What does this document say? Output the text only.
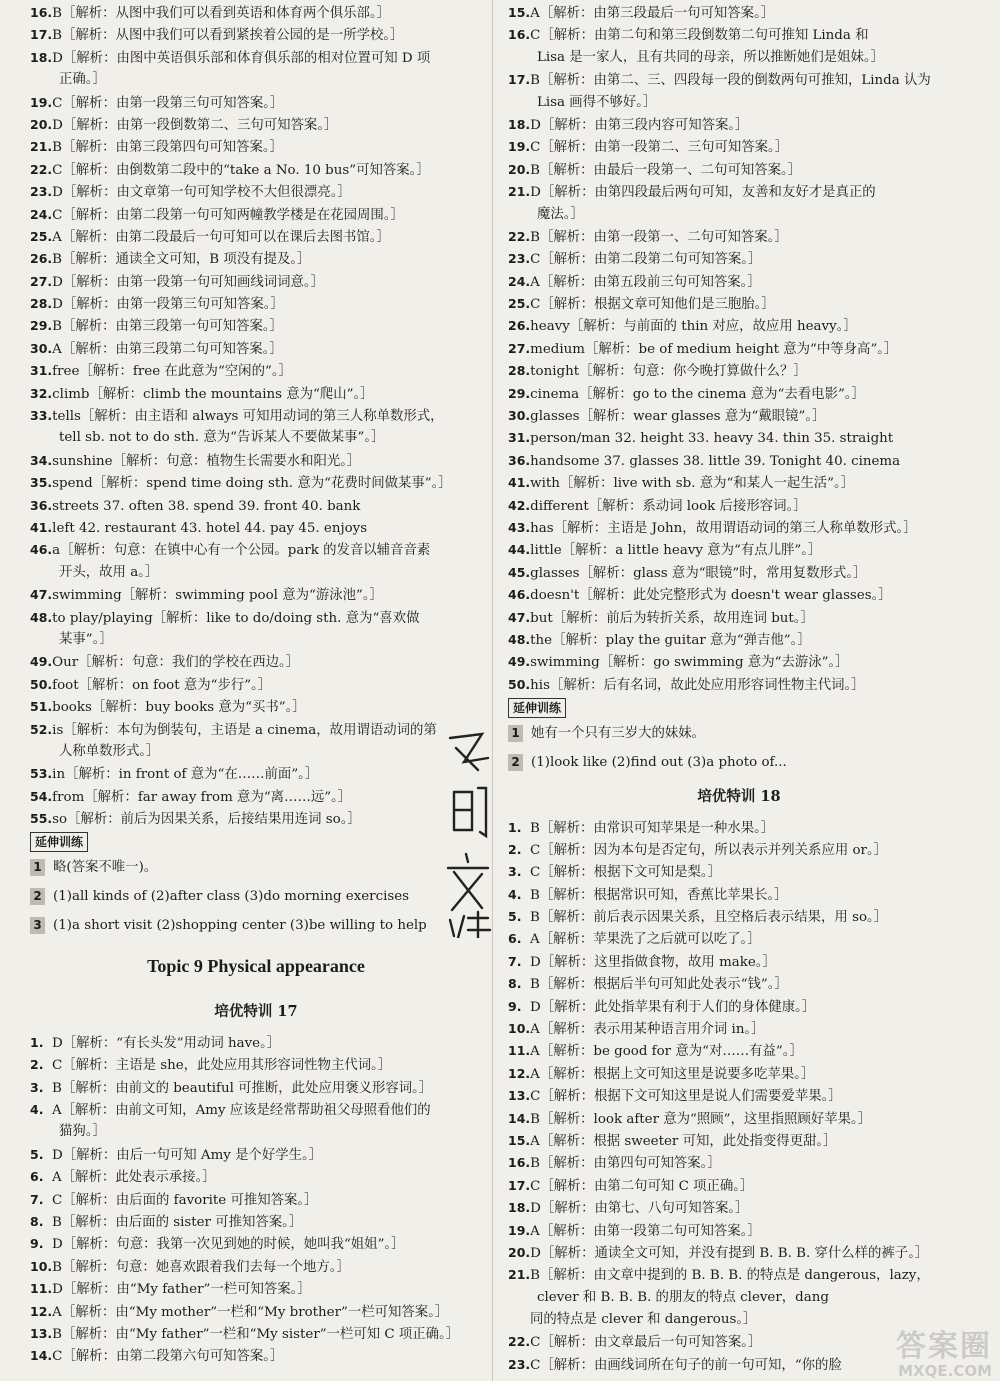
16.B［解析：从图中我们可以看到英语和体育两个俱乐部。］
17.B［解析：从图中我们可以看到紧挨着公园的是一所学校。］
18.D［解析：由图中英语俱乐部和体育俱乐部的相对位置可知 D 项
正确。］
19.C［解析：由第一段第三句可知答案。］
20.D［解析：由第一段倒数第二、三句可知答案。］
21.B［解析：由第三段第四句可知答案。］
22.C［解析：由倒数第二段中的“take a No. 10 bus”可知答案。］
23.D［解析：由文章第一句可知学校不大但很漂亮。］
24.C［解析：由第二段第一句可知两幢教学楼是在花园周围。］
25.A［解析：由第二段最后一句可知可以在课后去图书馆。］
26.B［解析：通读全文可知，B 项没有提及。］
27.D［解析：由第一段第一句可知画线词词意。］
28.D［解析：由第一段第三句可知答案。］
29.B［解析：由第三段第一句可知答案。］
30.A［解析：由第三段第二句可知答案。］
31.free［解析：free 在此意为“空闲的”。］
32.climb［解析：climb the mountains 意为“爬山”。］
33.tells［解析：由主语和 always 可知用动词的第三人称单数形式，
tell sb. not to do sth. 意为“告诉某人不要做某事”。］
34.sunshine［解析：句意：植物生长需要水和阳光。］
35.spend［解析：spend time doing sth. 意为“花费时间做某事”。］
36.streets 37. often 38. spend 39. front 40. bank
41.left 42. restaurant 43. hotel 44. pay 45. enjoys
46.a［解析：句意：在镇中心有一个公园。park 的发音以辅音音素
开头，故用 a。］
47.swimming［解析：swimming pool 意为“游泳池”。］
48.to play/playing［解析：like to do/doing sth. 意为“喜欢做
某事”。］
49.Our［解析：句意：我们的学校在西边。］
50.foot［解析：on foot 意为“步行”。］
51.books［解析：buy books 意为“买书”。］
52.is［解析：本句为倒装句，主语是 a cinema，故用谓语动词的第
人称单数形式。］
53.in［解析：in front of 意为“在……前面”。］
54.from［解析：far away from 意为“离……远”。］
55.so［解析：前后为因果关系，后接结果用连词 so。］
延伸训练
1 略(答案不唯一)。
2 (1)all kinds of (2)after class (3)do morning exercises
3 (1)a short visit (2)shopping center (3)be willing to help
Topic 9 Physical appearance
培优特训 17
1. D［解析：“有长头发”用动词 have。］
2. C［解析：主语是 she，此处应用其形容词性物主代词。］
3. B［解析：由前文的 beautiful 可推断，此处应用褒义形容词。］
4. A［解析：由前文可知，Amy 应该是经常帮助祖父母照看他们的
猫狗。］
5. D［解析：由后一句可知 Amy 是个好学生。］
6. A［解析：此处表示承接。］
7. C［解析：由后面的 favorite 可推知答案。］
8. B［解析：由后面的 sister 可推知答案。］
9. D［解析：句意：我第一次见到她的时候，她叫我“姐姐”。］
10.B［解析：句意：她喜欢跟着我们去每一个地方。］
11.D［解析：由“My father”一栏可知答案。］
12.A［解析：由“My mother”一栏和“My brother”一栏可知答案。］
13.B［解析：由“My father”一栏和“My sister”一栏可知 C 项正确。］
14.C［解析：由第二段第六句可知答案。］
15.A［解析：由第三段最后一句可知答案。］
16.C［解析：由第二句和第三段倒数第二句可推知 Linda 和
Lisa 是一家人，且有共同的母亲，所以推断她们是姐妹。］
17.B［解析：由第二、三、四段每一段的倒数两句可推知，Linda 认为
Lisa 画得不够好。］
18.D［解析：由第三段内容可知答案。］
19.C［解析：由第一段第二、三句可知答案。］
20.B［解析：由最后一段第一、二句可知答案。］
21.D［解析：由第四段最后两句可知，友善和友好才是真正的
魔法。］
22.B［解析：由第一段第一、二句可知答案。］
23.C［解析：由第二段第二句可知答案。］
24.A［解析：由第五段前三句可知答案。］
25.C［解析：根据文章可知他们是三胞胎。］
26.heavy［解析：与前面的 thin 对应，故应用 heavy。］
27.medium［解析：be of medium height 意为“中等身高”。］
28.tonight［解析：句意：你今晚打算做什么？］
29.cinema［解析：go to the cinema 意为“去看电影”。］
30.glasses［解析：wear glasses 意为“戴眼镜”。］
31.person/man 32. height 33. heavy 34. thin 35. straight
36.handsome 37. glasses 38. little 39. Tonight 40. cinema
41.with［解析：live with sb. 意为“和某人一起生活”。］
42.different［解析：系动词 look 后接形容词。］
43.has［解析：主语是 John，故用谓语动词的第三人称单数形式。］
44.little［解析：a little heavy 意为“有点儿胖”。］
45.glasses［解析：glass 意为“眼镜”时，常用复数形式。］
46.doesn't［解析：此处完整形式为 doesn't wear glasses。］
47.but［解析：前后为转折关系，故用连词 but。］
48.the［解析：play the guitar 意为“弹吉他”。］
49.swimming［解析：go swimming 意为“去游泳”。］
50.his［解析：后有名词，故此处应用形容词性物主代词。］
延伸训练
1 她有一个只有三岁大的妹妹。
2 (1)look like (2)find out (3)a photo of...
培优特训 18
1. B［解析：由常识可知苹果是一种水果。］
2. C［解析：因为本句是否定句，所以表示并列关系应用 or。］
3. C［解析：根据下文可知是梨。］
4. B［解析：根据常识可知，香蕉比苹果长。］
5. B［解析：前后表示因果关系，且空格后表示结果，用 so。］
6. A［解析：苹果洗了之后就可以吃了。］
7. D［解析：这里指做食物，故用 make。］
8. B［解析：根据后半句可知此处表示“钱”。］
9. D［解析：此处指苹果有利于人们的身体健康。］
10.A［解析：表示用某种语言用介词 in。］
11.A［解析：be good for 意为“对……有益”。］
12.A［解析：根据上文可知这里是说要多吃苹果。］
13.C［解析：根据下文可知这里是说人们需要爱苹果。］
14.B［解析：look after 意为“照顾”，这里指照顾好苹果。］
15.A［解析：根据 sweeter 可知，此处指变得更甜。］
16.B［解析：由第四句可知答案。］
17.C［解析：由第二句可知 C 项正确。］
18.D［解析：由第七、八句可知答案。］
19.A［解析：由第一段第二句可知答案。］
20.D［解析：通读全文可知，并没有提到 B. B. B. 穿什么样的裤子。］
21.B［解析：由文章中提到的 B. B. B. 的特点是 dangerous，lazy，
clever 和 B. B. B. 的朋友的特点 clever，dang
同的特点是 clever 和 dangerous。］
22.C［解析：由文章最后一句可知答案。］
23.C［解析：由画线词所在句子的前一句可知，“你的脸
答案圈
MXQE.COM
